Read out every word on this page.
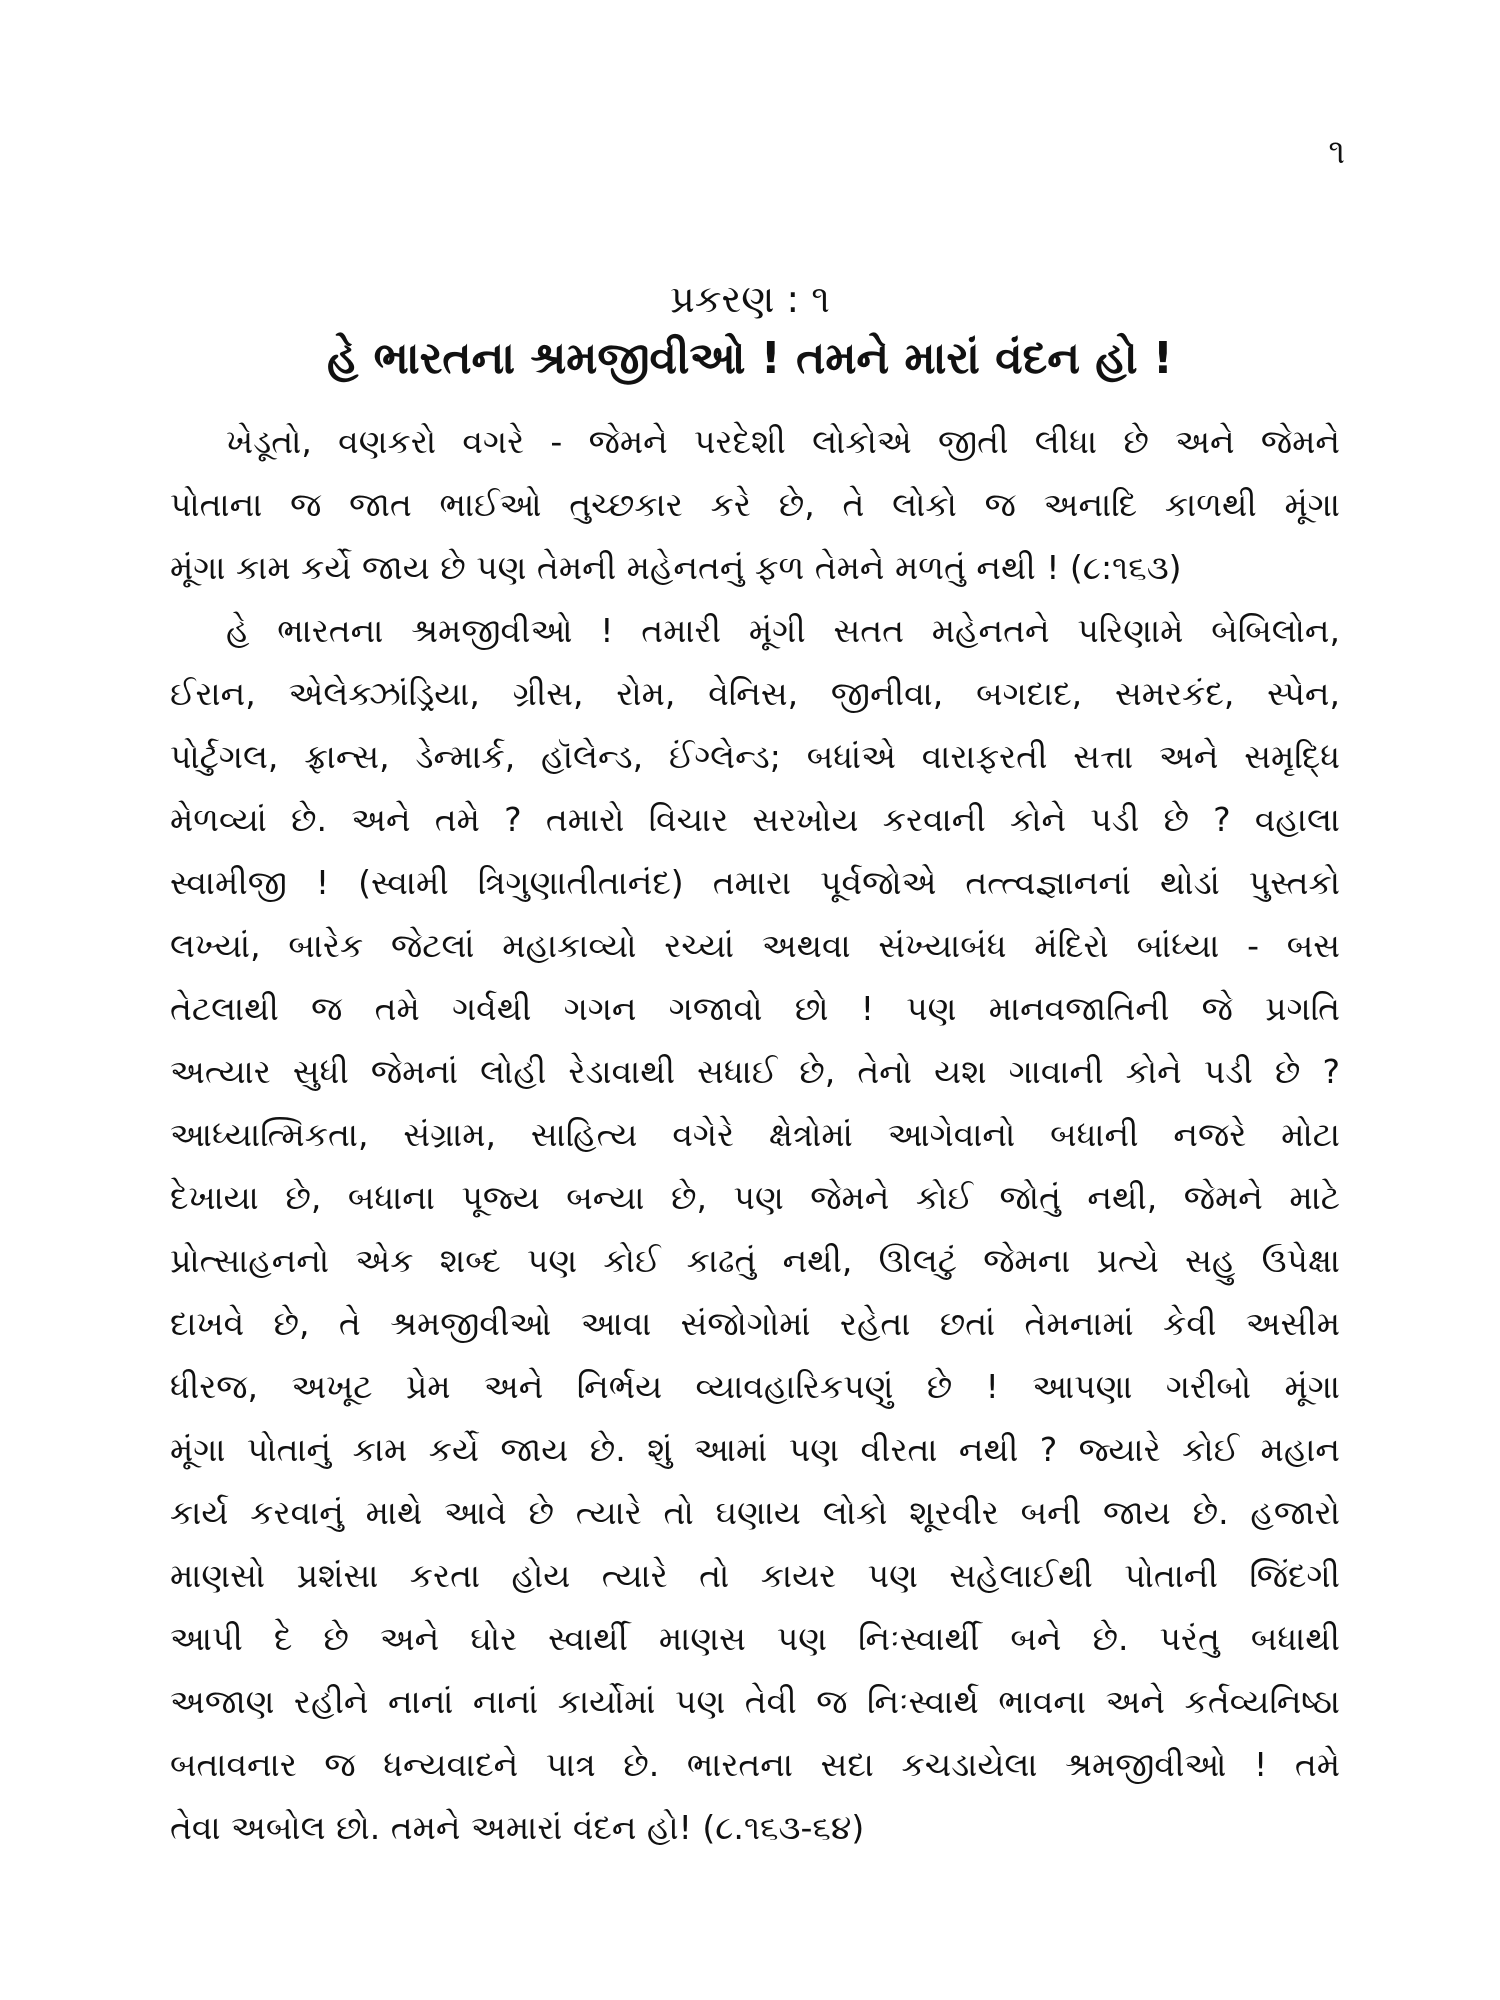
૧
પ્રકરણ : ૧
હે ભારતના શ્રમજીવીઓ ! તમને મારાં વંદન હો !
ખેડૂતો, વણકરો વગરે - જેમને પરદેશી લોકોએ જીતી લીધા છે અને જેમને
પોતાના જ જાત ભાઈઓ તુચ્છકાર કરે છે, તે લોકો જ અનાદિ કાળથી મૂંગા
મૂંગા કામ કર્યે જાય છે પણ તેમની મહેનતનું ફળ તેમને મળતું નથી ! (૮:૧૬૩)
હે ભારતના શ્રમજીવીઓ ! તમારી મૂંગી સતત મહેનતને પરિણામે બેબિલોન,
ઈરાન, એલેક્ઝાંડ્રિયા, ગ્રીસ, રોમ, વેનિસ, જીનીવા, બગદાદ, સમરકંદ, સ્પેન,
પોર્ટુગલ, ફ્રાન્સ, ડેન્માર્ક, હૉલેન્ડ, ઈંગ્લેન્ડ; બધાંએ વારાફરતી સત્તા અને સમૃદ્ધિ
મેળવ્યાં છે. અને તમે ? તમારો વિચાર સરખોય કરવાની કોને પડી છે ? વહાલા
સ્વામીજી ! (સ્વામી ત્રિગુણાતીતાનંદ) તમારા પૂર્વજોએ તત્ત્વજ્ઞાનનાં થોડાં પુસ્તકો
લખ્યાં, બારેક જેટલાં મહાકાવ્યો રચ્યાં અથવા સંખ્યાબંધ મંદિરો બાંધ્યા - બસ
તેટલાથી જ તમે ગર્વથી ગગન ગજાવો છો ! પણ માનવજાતિની જે પ્રગતિ
અત્યાર સુધી જેમનાં લોહી રેડાવાથી સધાઈ છે, તેનો યશ ગાવાની કોને પડી છે ?
આધ્યાત્મિકતા, સંગ્રામ, સાહિત્ય વગેરે ક્ષેત્રોમાં આગેવાનો બધાની નજરે મોટા
દેખાયા છે, બધાના પૂજ્ય બન્યા છે, પણ જેમને કોઈ જોતું નથી, જેમને માટે
પ્રોત્સાહનનો એક શબ્દ પણ કોઈ કાઢતું નથી, ઊલટું જેમના પ્રત્યે સહુ ઉપેક્ષા
દાખવે છે, તે શ્રમજીવીઓ આવા સંજોગોમાં રહેતા છતાં તેમનામાં કેવી અસીમ
ધીરજ, અખૂટ પ્રેમ અને નિર્ભય વ્યાવહારિકપણું છે ! આપણા ગરીબો મૂંગા
મૂંગા પોતાનું કામ કર્યે જાય છે. શું આમાં પણ વીરતા નથી ? જ્યારે કોઈ મહાન
કાર્ય કરવાનું માથે આવે છે ત્યારે તો ઘણાય લોકો શૂરવીર બની જાય છે. હજારો
માણસો પ્રશંસા કરતા હોય ત્યારે તો કાયર પણ સહેલાઈથી પોતાની જિંદગી
આપી દે છે અને ઘોર સ્વાર્થી માણસ પણ નિઃસ્વાર્થી બને છે. પરંતુ બધાથી
અજાણ રહીને નાનાં નાનાં કાર્યોમાં પણ તેવી જ નિઃસ્વાર્થ ભાવના અને કર્તવ્યનિષ્ઠા
બતાવનાર જ ધન્યવાદને પાત્ર છે. ભારતના સદા કચડાયેલા શ્રમજીવીઓ ! તમે
તેવા અબોલ છો. તમને અમારાં વંદન હો! (૮.૧૬૩-૬૪)
